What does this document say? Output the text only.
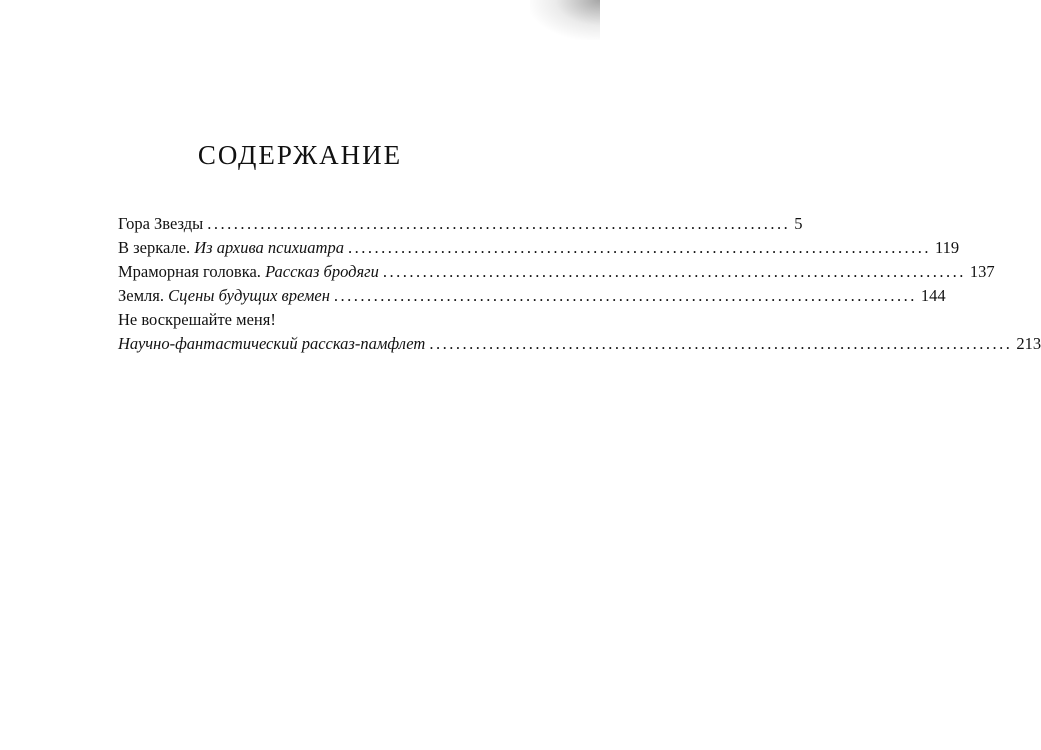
СОДЕРЖАНИЕ
Гора Звезды ........................................................................................ 5
В зеркале.
Из архива психиатра ........................................................................................ 119
Мраморная головка.
Рассказ бродяги ........................................................................................ 137
Земля.
Сцены будущих времен ........................................................................................ 144
Не воскрешайте меня!
Научно-фантастический рассказ-памфлет ........................................................................................ 213
